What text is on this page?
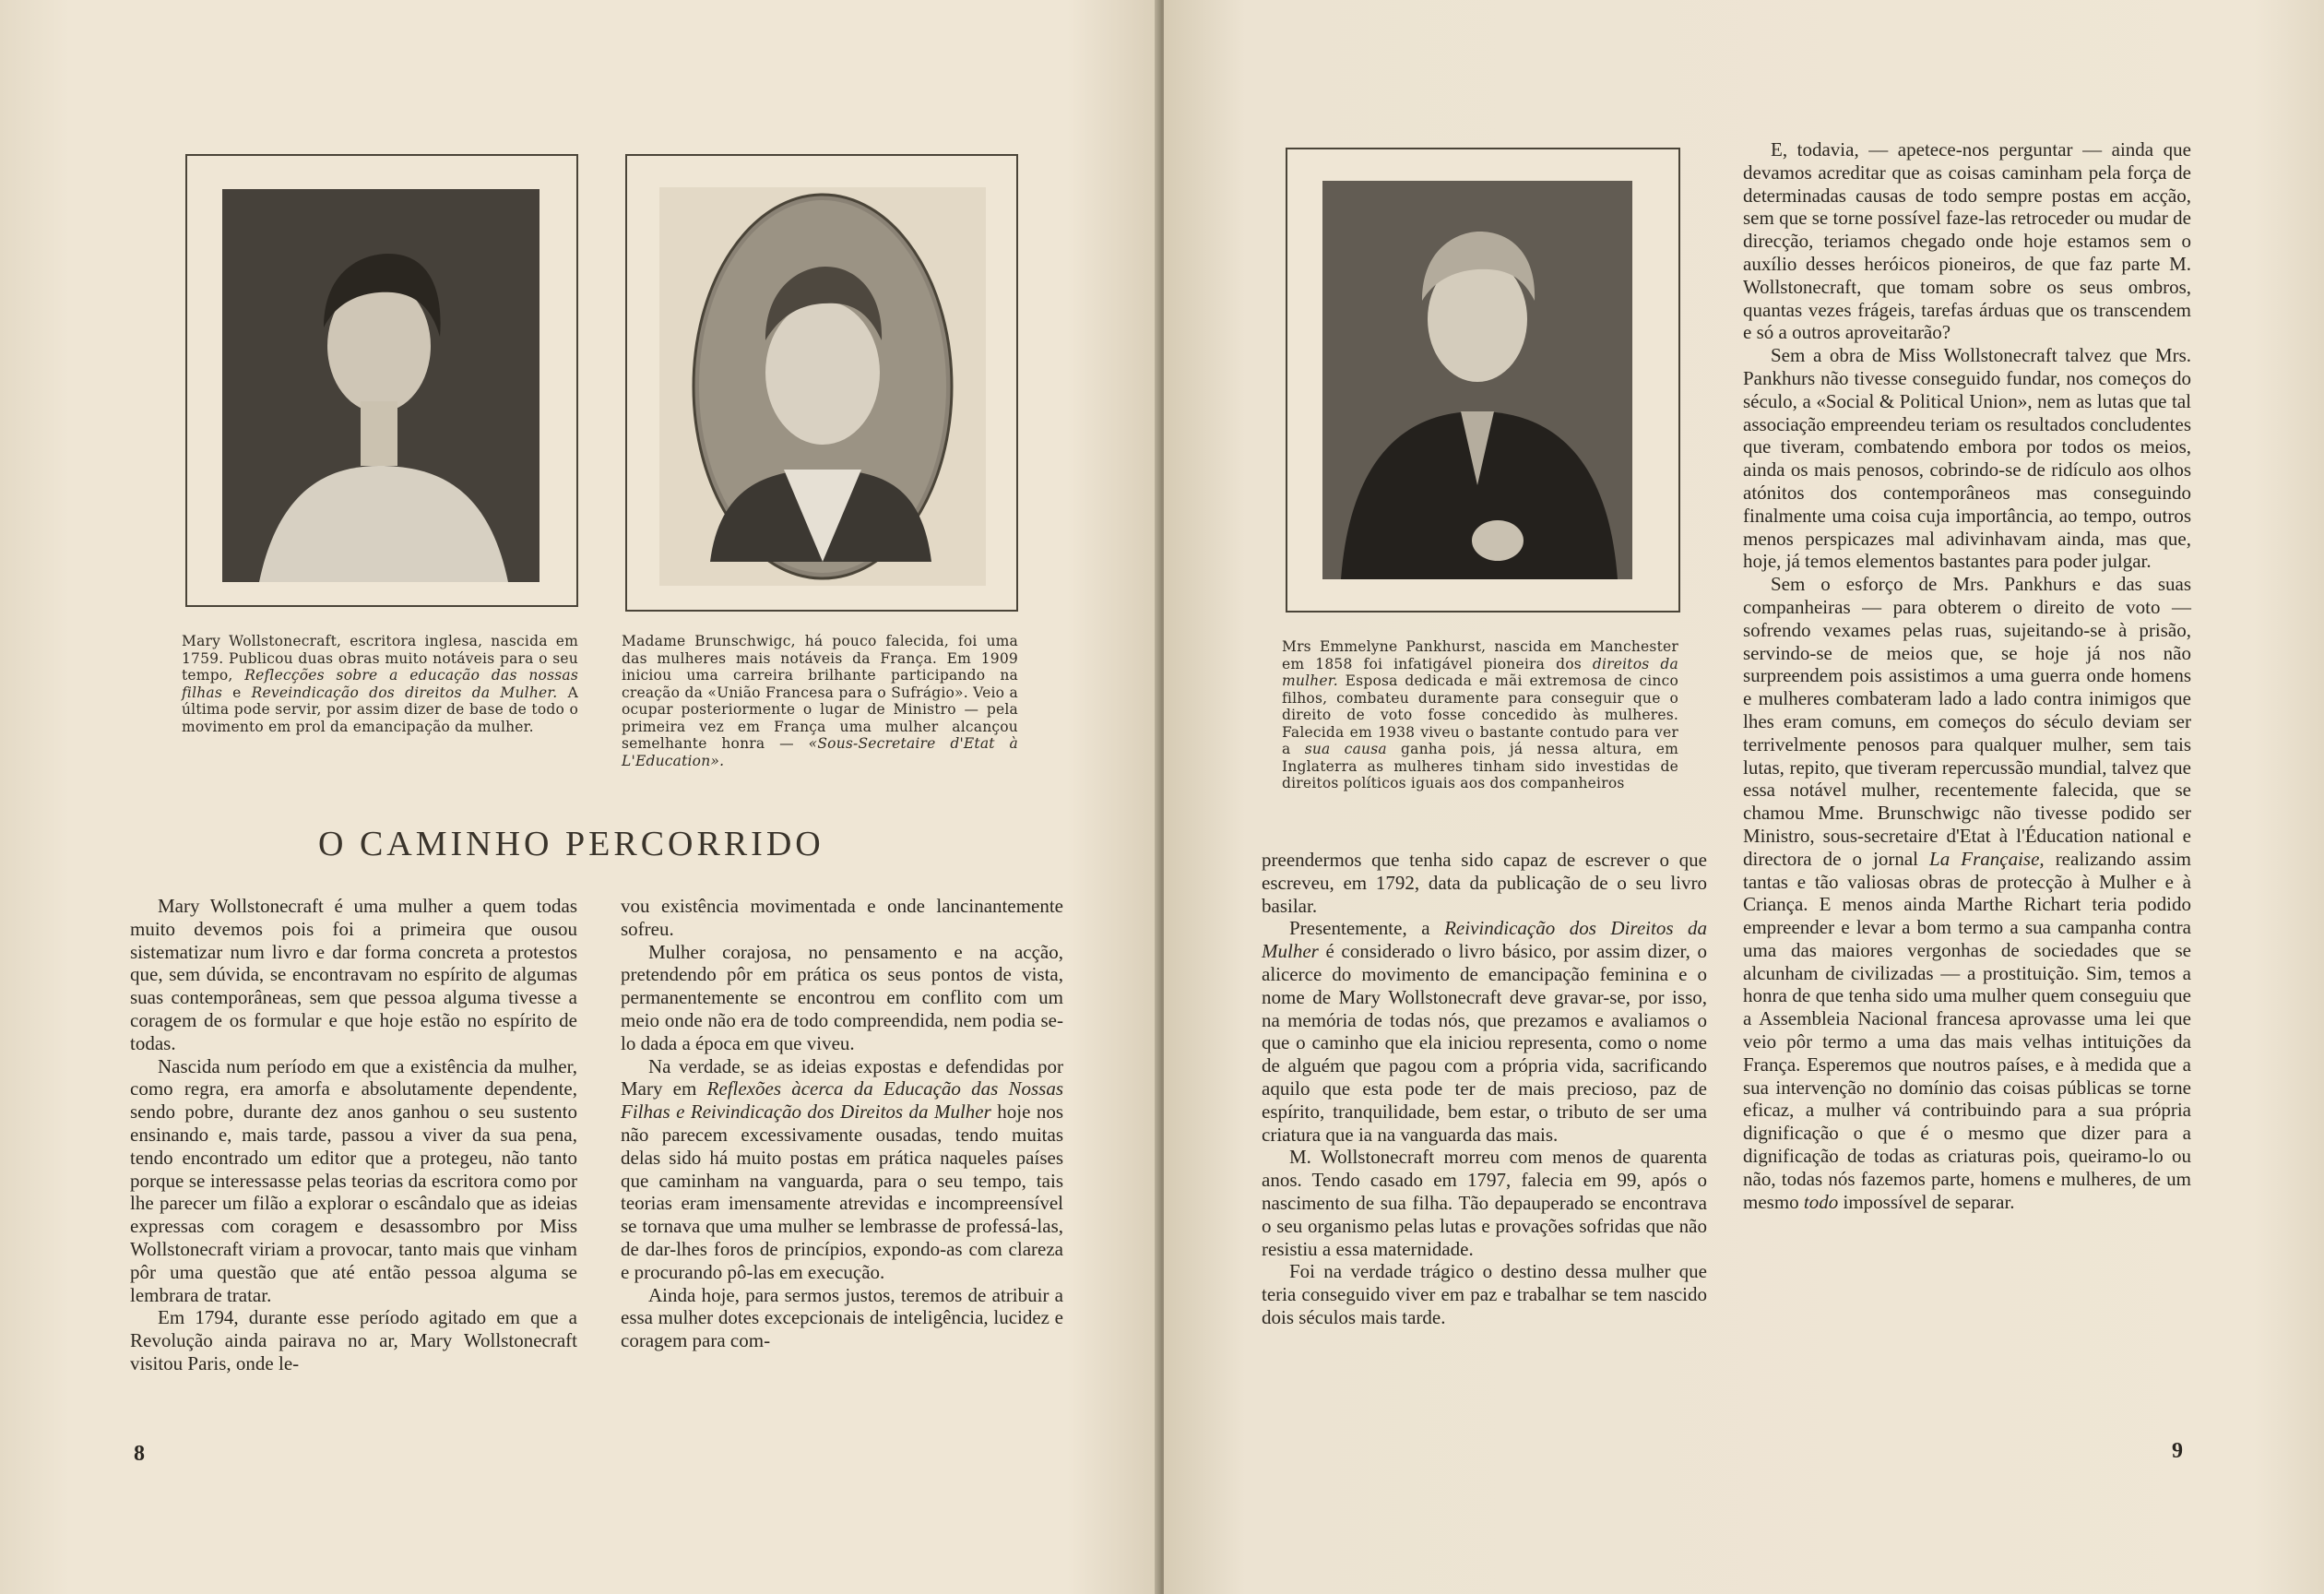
Mary Wollstonecraft, escritora inglesa, nascida em 1759. Publicou duas obras muito notáveis para o seu tempo, Reflecções sobre a educação das nossas filhas e Reveindicação dos direitos da Mulher. A última pode servir, por assim dizer de base de todo o movimento em prol da emancipação da mulher.
Madame Brunschwigc, há pouco falecida, foi uma das mulheres mais notáveis da França. Em 1909 iniciou uma carreira brilhante participando na creação da «União Francesa para o Sufrágio». Veio a ocupar posteriormente o lugar de Ministro — pela primeira vez em França uma mulher alcançou semelhante honra — «Sous-Secretaire d'Etat à L'Education».
O CAMINHO PERCORRIDO

Mary Wollstonecraft é uma mulher a quem todas muito devemos pois foi a primeira que ousou sistematizar num livro e dar forma concreta a protestos que, sem dúvida, se encontravam no espírito de algumas suas contemporâneas, sem que pessoa alguma tivesse a coragem de os formular e que hoje estão no espírito de todas.

Nascida num período em que a existência da mulher, como regra, era amorfa e absolutamente dependente, sendo pobre, durante dez anos ganhou o seu sustento ensinando e, mais tarde, passou a viver da sua pena, tendo encontrado um editor que a protegeu, não tanto porque se interessasse pelas teorias da escritora como por lhe parecer um filão a explorar o escândalo que as ideias expressas com coragem e desassombro por Miss Wollstonecraft viriam a provocar, tanto mais que vinham pôr uma questão que até então pessoa alguma se lembrara de tratar.

Em 1794, durante esse período agitado em que a Revolução ainda pairava no ar, Mary Wollstonecraft visitou Paris, onde le-

vou existência movimentada e onde lancinantemente sofreu.

Mulher corajosa, no pensamento e na acção, pretendendo pôr em prática os seus pontos de vista, permanentemente se encontrou em conflito com um meio onde não era de todo compreendida, nem podia se-lo dada a época em que viveu.

Na verdade, se as ideias expostas e defendidas por Mary em Reflexões àcerca da Educação das Nossas Filhas e Reivindicação dos Direitos da Mulher hoje nos não parecem excessivamente ousadas, tendo muitas delas sido há muito postas em prática naqueles países que caminham na vanguarda, para o seu tempo, tais teorias eram imensamente atrevidas e incompreensível se tornava que uma mulher se lembrasse de professá-las, de dar-lhes foros de princípios, expondo-as com clareza e procurando pô-las em execução.

Ainda hoje, para sermos justos, teremos de atribuir a essa mulher dotes excepcionais de inteligência, lucidez e coragem para com-

8
Mrs Emmelyne Pankhurst, nascida em Manchester em 1858 foi infatigável pioneira dos direitos da mulher. Esposa dedicada e mãi extremosa de cinco filhos, combateu duramente para conseguir que o direito de voto fosse concedido às mulheres. Falecida em 1938 viveu o bastante contudo para ver a sua causa ganha pois, já nessa altura, em Inglaterra as mulheres tinham sido investidas de direitos políticos iguais aos dos companheiros

preendermos que tenha sido capaz de escrever o que escreveu, em 1792, data da publicação de o seu livro basilar.

Presentemente, a Reivindicação dos Direitos da Mulher é considerado o livro básico, por assim dizer, o alicerce do movimento de emancipação feminina e o nome de Mary Wollstonecraft deve gravar-se, por isso, na memória de todas nós, que prezamos e avaliamos o que o caminho que ela iniciou representa, como o nome de alguém que pagou com a própria vida, sacrificando aquilo que esta pode ter de mais precioso, paz de espírito, tranquilidade, bem estar, o tributo de ser uma criatura que ia na vanguarda das mais.

M. Wollstonecraft morreu com menos de quarenta anos. Tendo casado em 1797, falecia em 99, após o nascimento de sua filha. Tão depauperado se encontrava o seu organismo pelas lutas e provações sofridas que não resistiu a essa maternidade.

Foi na verdade trágico o destino dessa mulher que teria conseguido viver em paz e trabalhar se tem nascido dois séculos mais tarde.

E, todavia, — apetece-nos perguntar — ainda que devamos acreditar que as coisas caminham pela força de determinadas causas de todo sempre postas em acção, sem que se torne possível faze-las retroceder ou mudar de direcção, teriamos chegado onde hoje estamos sem o auxílio desses heróicos pioneiros, de que faz parte M. Wollstonecraft, que tomam sobre os seus ombros, quantas vezes frágeis, tarefas árduas que os transcendem e só a outros aproveitarão?

Sem a obra de Miss Wollstonecraft talvez que Mrs. Pankhurs não tivesse conseguido fundar, nos começos do século, a «Social & Political Union», nem as lutas que tal associação empreendeu teriam os resultados concludentes que tiveram, combatendo embora por todos os meios, ainda os mais penosos, cobrindo-se de ridículo aos olhos atónitos dos contemporâneos mas conseguindo finalmente uma coisa cuja importância, ao tempo, outros menos perspicazes mal adivinhavam ainda, mas que, hoje, já temos elementos bastantes para poder julgar.

Sem o esforço de Mrs. Pankhurs e das suas companheiras — para obterem o direito de voto — sofrendo vexames pelas ruas, sujeitando-se à prisão, servindo-se de meios que, se hoje já nos não surpreendem pois assistimos a uma guerra onde homens e mulheres combateram lado a lado contra inimigos que lhes eram comuns, em começos do século deviam ser terrivelmente penosos para qualquer mulher, sem tais lutas, repito, que tiveram repercussão mundial, talvez que essa notável mulher, recentemente falecida, que se chamou Mme. Brunschwigc não tivesse podido ser Ministro, sous-secretaire d'Etat à l'Éducation national e directora de o jornal La Française, realizando assim tantas e tão valiosas obras de protecção à Mulher e à Criança. E menos ainda Marthe Richart teria podido empreender e levar a bom termo a sua campanha contra uma das maiores vergonhas de sociedades que se alcunham de civilizadas — a prostituição. Sim, temos a honra de que tenha sido uma mulher quem conseguiu que a Assembleia Nacional francesa aprovasse uma lei que veio pôr termo a uma das mais velhas intituições da França. Esperemos que noutros países, e à medida que a sua intervenção no domínio das coisas públicas se torne eficaz, a mulher vá contribuindo para a sua própria dignificação o que é o mesmo que dizer para a dignificação de todas as criaturas pois, queiramo-lo ou não, todas nós fazemos parte, homens e mulheres, de um mesmo todo impossível de separar.

9
